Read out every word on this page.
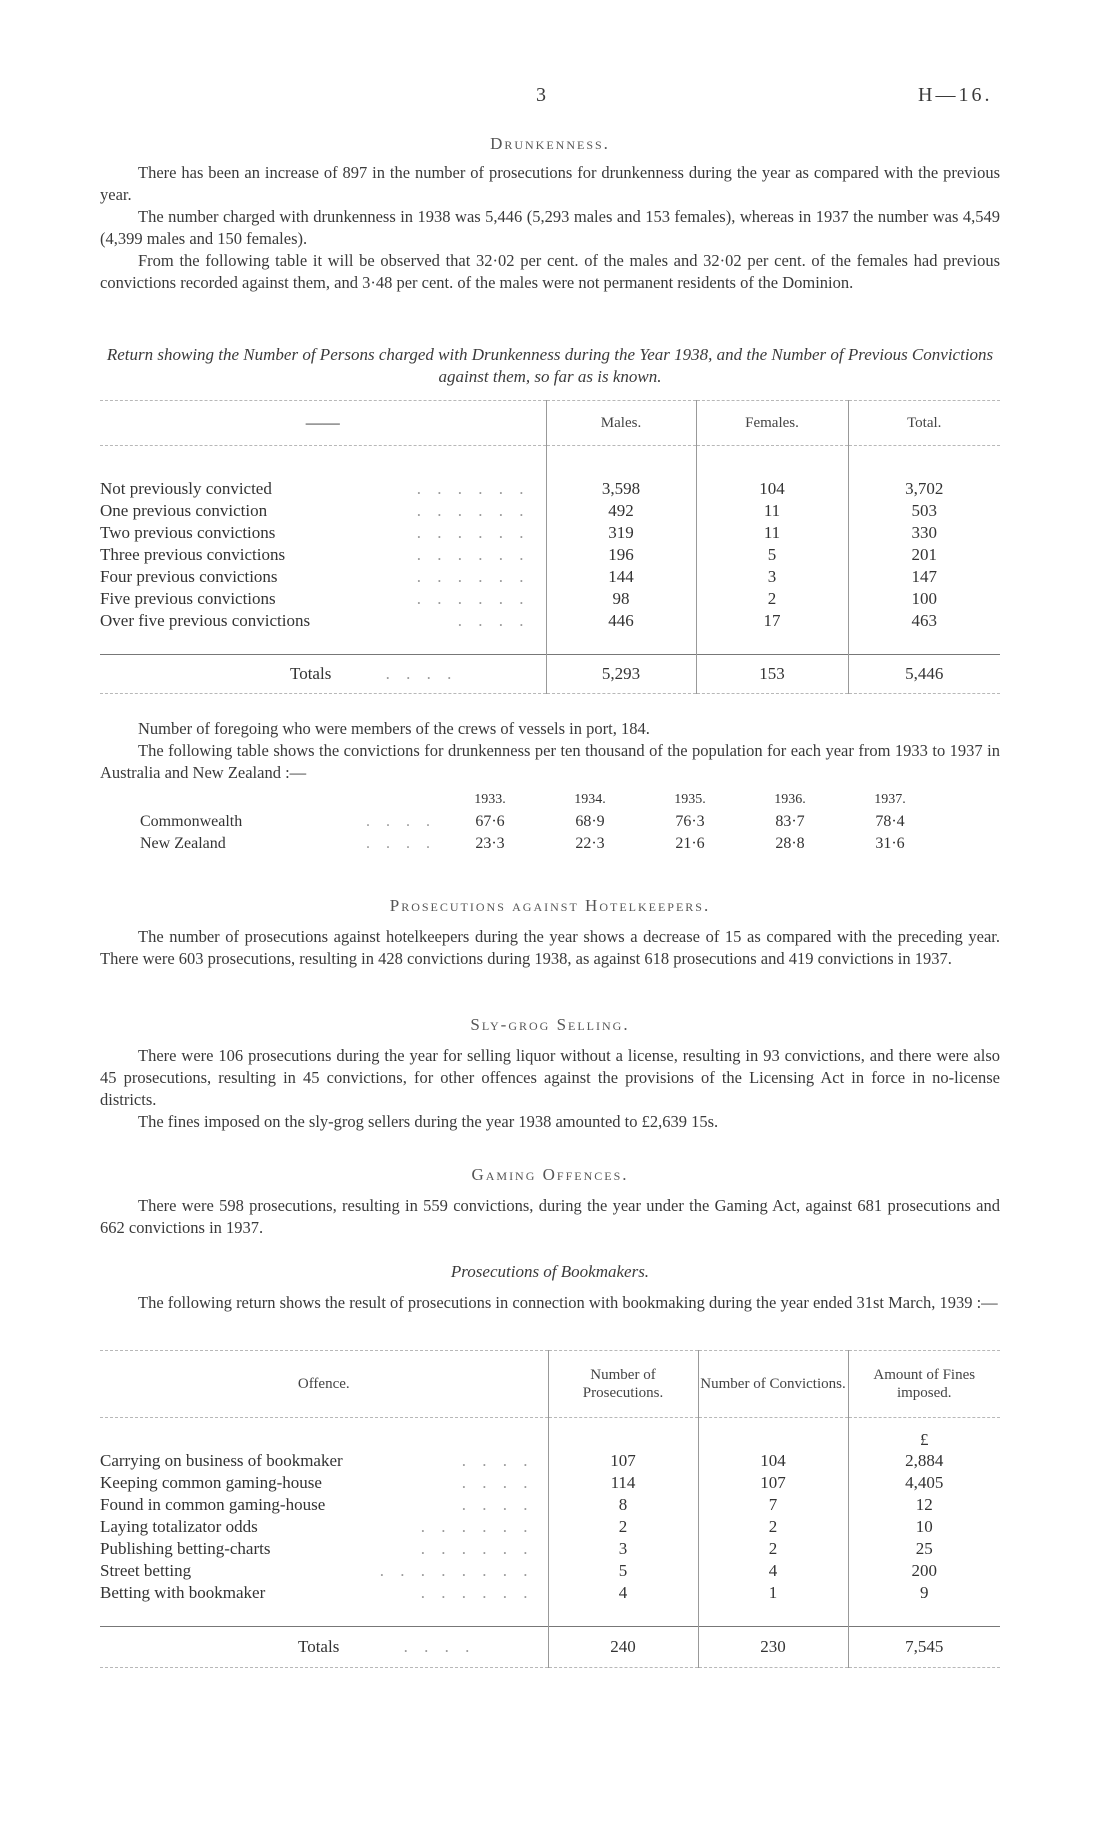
3	H—16.
Drunkenness.

There has been an increase of 897 in the number of prosecutions for drunkenness during the year as compared with the previous year.

The number charged with drunkenness in 1938 was 5,446 (5,293 males and 153 females), whereas in 1937 the number was 4,549 (4,399 males and 150 females).

From the following table it will be observed that 32·02 per cent. of the males and 32·02 per cent. of the females had previous convictions recorded against them, and 3·48 per cent. of the males were not permanent residents of the Dominion.

Return showing the Number of Persons charged with Drunkenness during the Year 1938, and the Number of Previous Convictions against them, so far as is known.
——	Males.	Females.	Total.

Not previously convicted . . . . . .	3,598	104	3,702
One previous conviction . . . . . .	492	11	503
Two previous convictions . . . . . .	319	11	330
Three previous convictions . . . . . .	196	5	201
Four previous convictions . . . . . .	144	3	147
Five previous convictions . . . . . .	98	2	100
Over five previous convictions . . . .	446	17	463

Totals . . . .	5,293	153	5,446

Number of foregoing who were members of the crews of vessels in port, 184.

The following table shows the convictions for drunkenness per ten thousand of the population for each year from 1933 to 1937 in Australia and New Zealand :—

	1933.	1934.	1935.	1936.	1937.
Commonwealth . . . .	67·6	68·9	76·3	83·7	78·4
New Zealand . . . .	23·3	22·3	21·6	28·8	31·6
Prosecutions against Hotelkeepers.

The number of prosecutions against hotelkeepers during the year shows a decrease of 15 as compared with the preceding year. There were 603 prosecutions, resulting in 428 convictions during 1938, as against 618 prosecutions and 419 convictions in 1937.

Sly-grog Selling.

There were 106 prosecutions during the year for selling liquor without a license, resulting in 93 convictions, and there were also 45 prosecutions, resulting in 45 convictions, for other offences against the provisions of the Licensing Act in force in no-license districts.

The fines imposed on the sly-grog sellers during the year 1938 amounted to £2,639 15s.

Gaming Offences.

There were 598 prosecutions, resulting in 559 convictions, during the year under the Gaming Act, against 681 prosecutions and 662 convictions in 1937.

Prosecutions of Bookmakers.

The following return shows the result of prosecutions in connection with bookmaking during the year ended 31st March, 1939 :—

Offence.	Number of Prosecutions.	Number of Convictions.	Amount of Fines imposed.
			£
Carrying on business of bookmaker . . . .	107	104	2,884
Keeping common gaming-house . . . .	114	107	4,405
Found in common gaming-house . . . .	8	7	12
Laying totalizator odds . . . . . .	2	2	10
Publishing betting-charts . . . . . .	3	2	25
Street betting . . . . . . . .	5	4	200
Betting with bookmaker . . . . . .	4	1	9

Totals . . . .	240	230	7,545
